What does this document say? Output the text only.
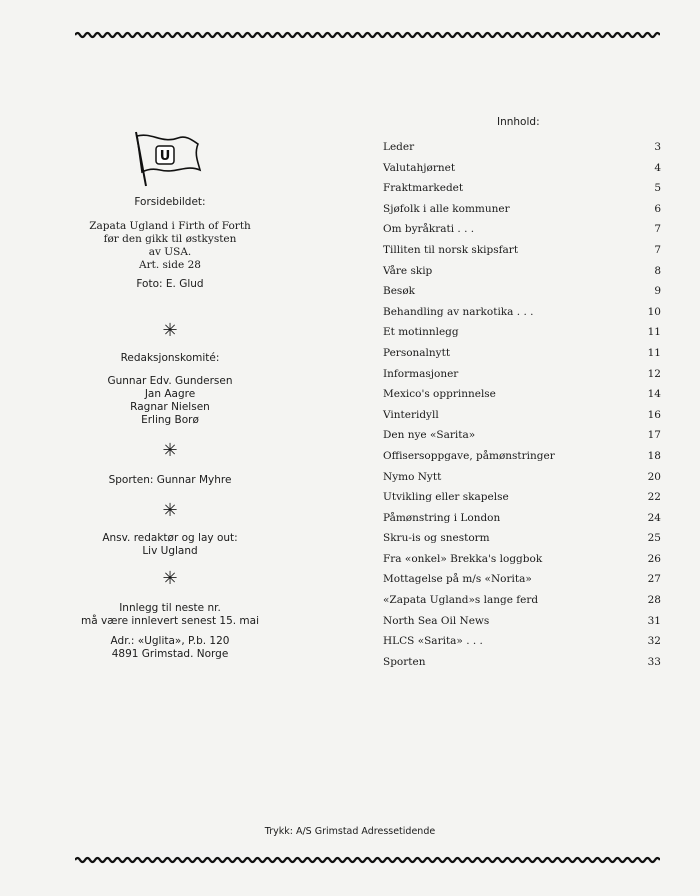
U

Forsidebildet:

Zapata Ugland i Firth of Forth

før den gikk til østkysten

av USA.

Art. side 28

Foto: E. Glud

✳

Redaksjonskomité:

Gunnar Edv. Gundersen

Jan Aagre

Ragnar Nielsen

Erling Borø

✳

Sporten: Gunnar Myhre

✳

Ansv. redaktør og lay out:

Liv Ugland

✳

Innlegg til neste nr.

må være innlevert senest 15. mai

Adr.: «Uglita», P.b. 120

4891 Grimstad. Norge

Innhold:
Leder	3
Valutahjørnet	4
Fraktmarkedet	5
Sjøfolk i alle kommuner	6
Om byråkrati . . .	7
Tilliten til norsk skipsfart	7
Våre skip	8
Besøk	9
Behandling av narkotika . . .	10
Et motinnlegg	11
Personalnytt	11
Informasjoner	12
Mexico's opprinnelse	14
Vinteridyll	16
Den nye «Sarita»	17
Offisersoppgave, påmønstringer	18
Nymo Nytt	20
Utvikling eller skapelse	22
Påmønstring i London	24
Skru-is og snestorm	25
Fra «onkel» Brekka's loggbok	26
Mottagelse på m/s «Norita»	27
«Zapata Ugland»s lange ferd	28
North Sea Oil News	31
HLCS «Sarita» . . .	32
Sporten	33
Trykk: A/S Grimstad Adressetidende
